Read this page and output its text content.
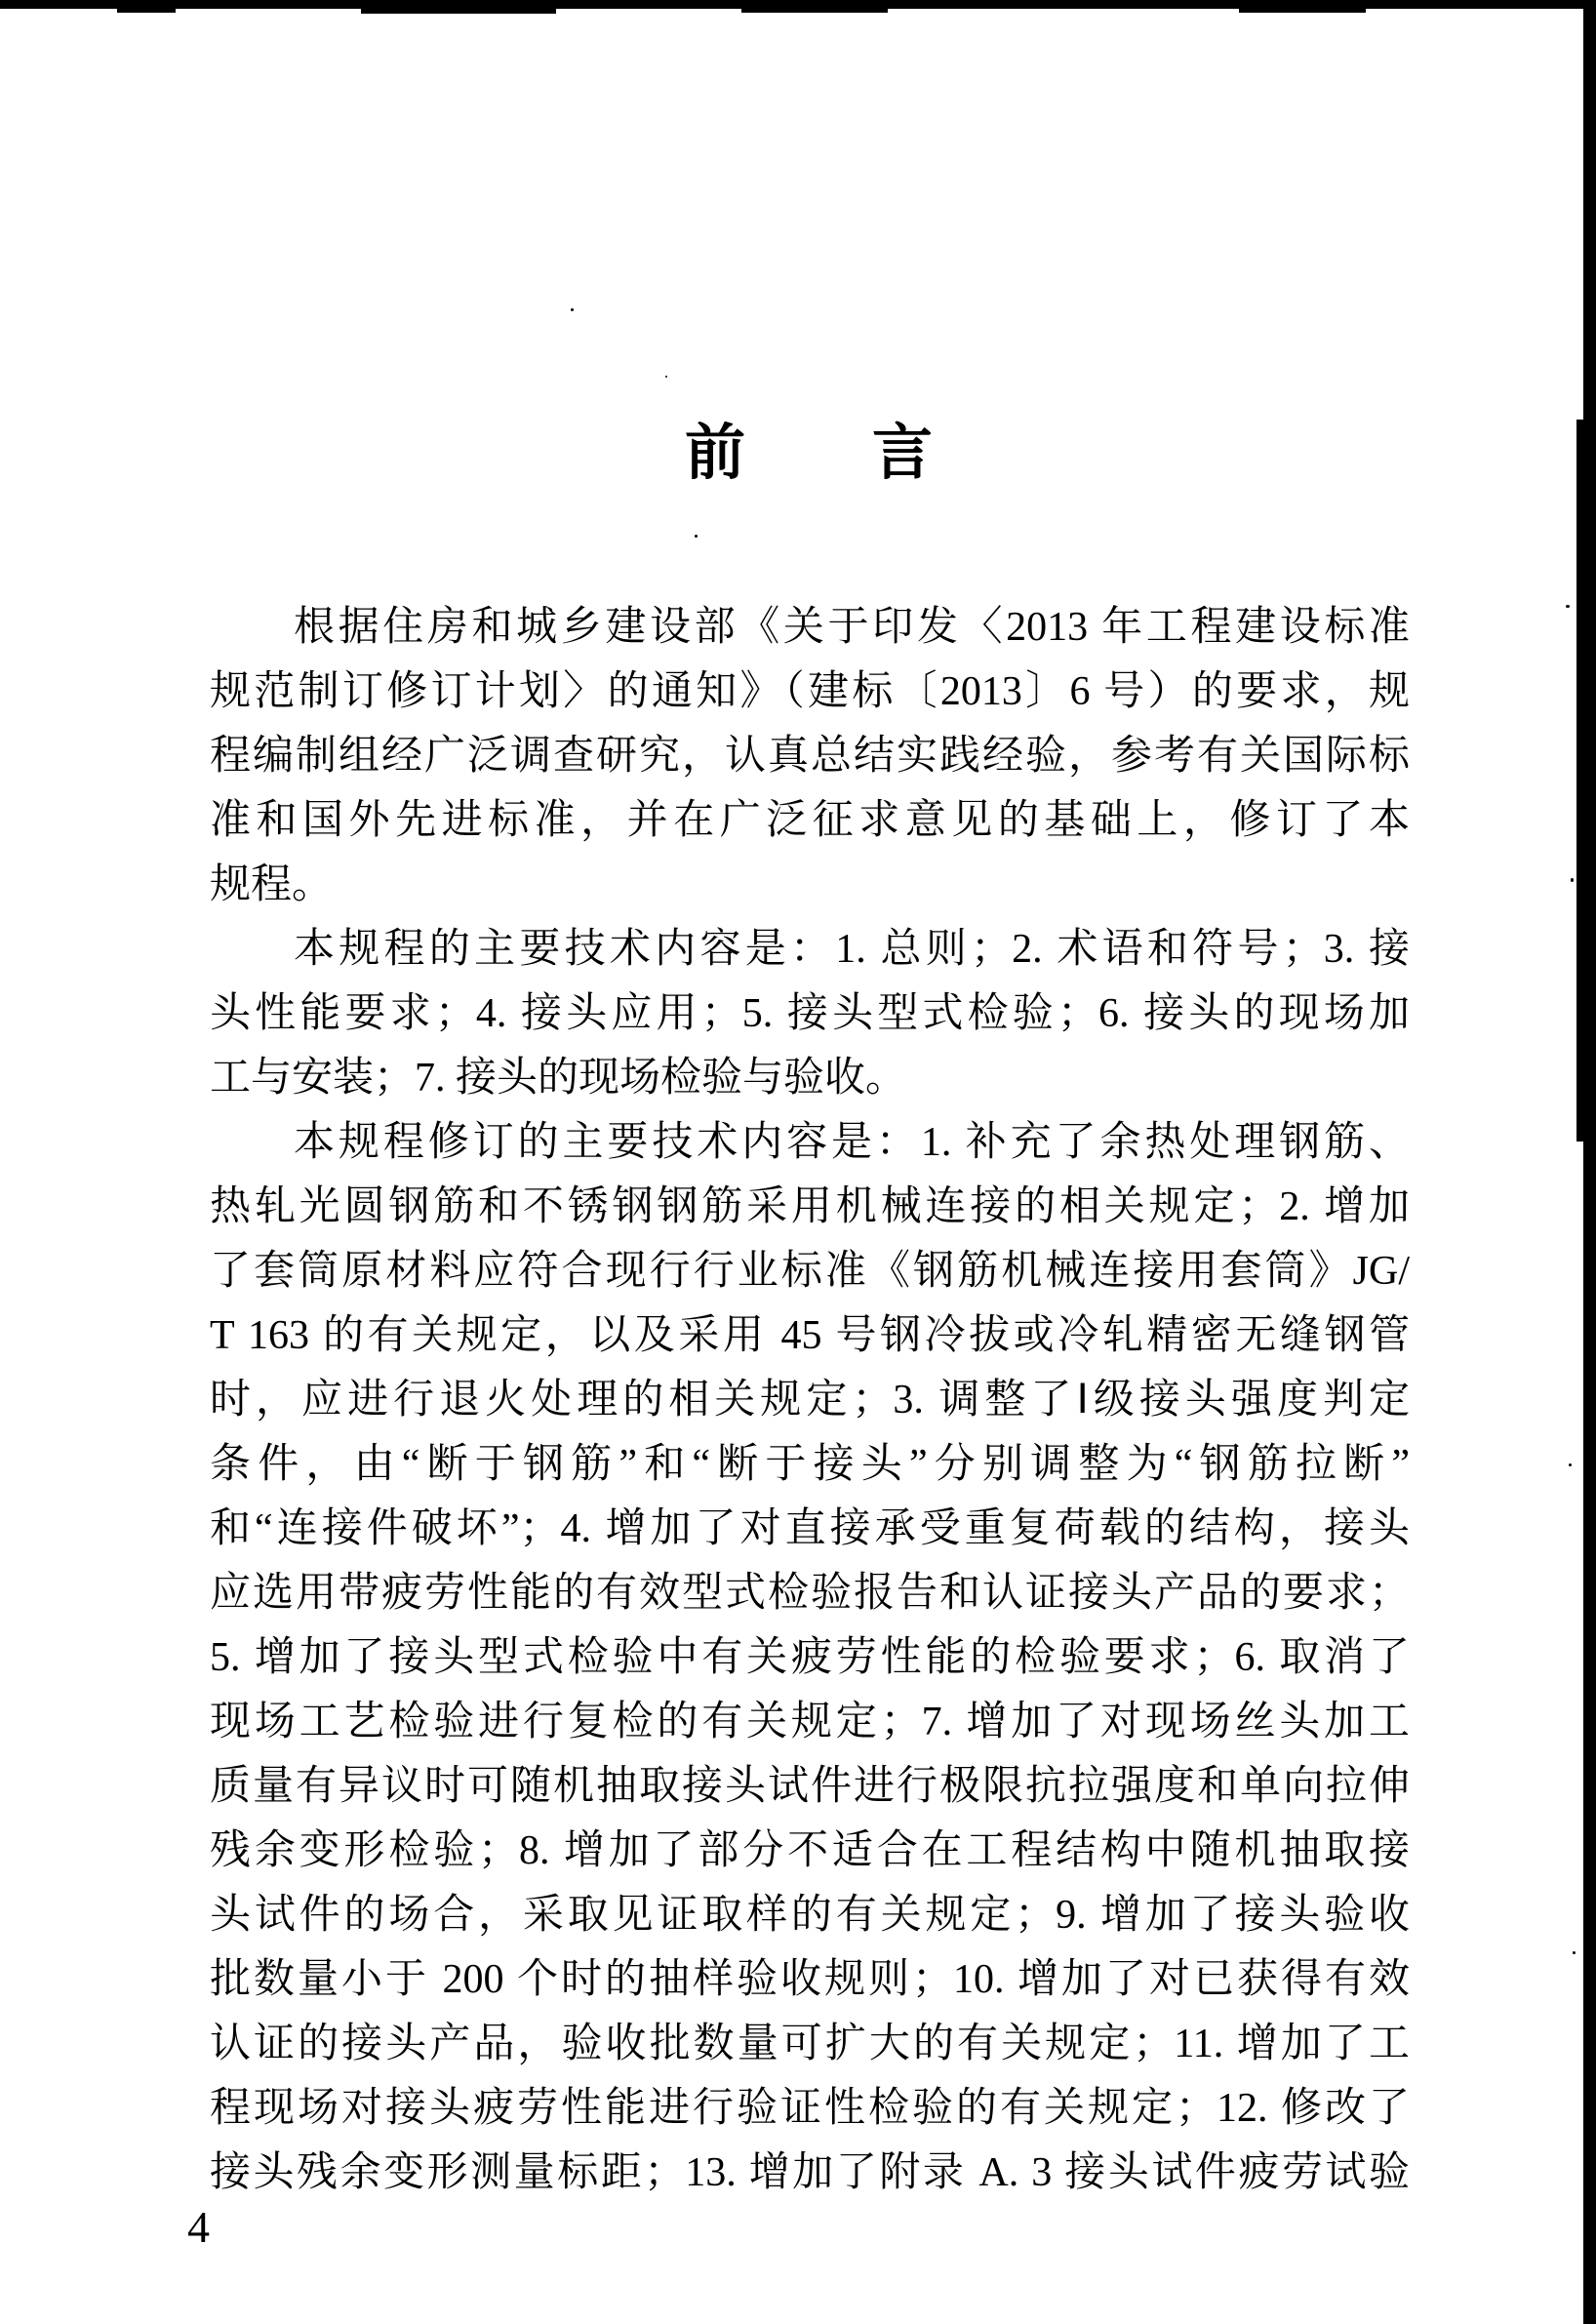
前　　言
根据住房和城乡建设部《关于印发〈2013 年工程建设标准
规范制订修订计划〉的通知》（建标〔2013〕6 号）的要求，规
程编制组经广泛调查研究，认真总结实践经验，参考有关国际标
准和国外先进标准，并在广泛征求意见的基础上，修订了本
规程。
本规程的主要技术内容是：1. 总则；2. 术语和符号；3. 接
头性能要求；4. 接头应用；5. 接头型式检验；6. 接头的现场加
工与安装；7. 接头的现场检验与验收。
本规程修订的主要技术内容是：1. 补充了余热处理钢筋、
热轧光圆钢筋和不锈钢钢筋采用机械连接的相关规定；2. 增加
了套筒原材料应符合现行行业标准《钢筋机械连接用套筒》JG/
T 163 的有关规定，以及采用 45 号钢冷拔或冷轧精密无缝钢管
时，应进行退火处理的相关规定；3. 调整了Ⅰ级接头强度判定
条件，由“断于钢筋”和“断于接头”分别调整为“钢筋拉断”
和“连接件破坏”；4. 增加了对直接承受重复荷载的结构，接头
应选用带疲劳性能的有效型式检验报告和认证接头产品的要求；
5. 增加了接头型式检验中有关疲劳性能的检验要求；6. 取消了
现场工艺检验进行复检的有关规定；7. 增加了对现场丝头加工
质量有异议时可随机抽取接头试件进行极限抗拉强度和单向拉伸
残余变形检验；8. 增加了部分不适合在工程结构中随机抽取接
头试件的场合，采取见证取样的有关规定；9. 增加了接头验收
批数量小于 200 个时的抽样验收规则；10. 增加了对已获得有效
认证的接头产品，验收批数量可扩大的有关规定；11. 增加了工
程现场对接头疲劳性能进行验证性检验的有关规定；12. 修改了
接头残余变形测量标距；13. 增加了附录 A. 3 接头试件疲劳试验
4
